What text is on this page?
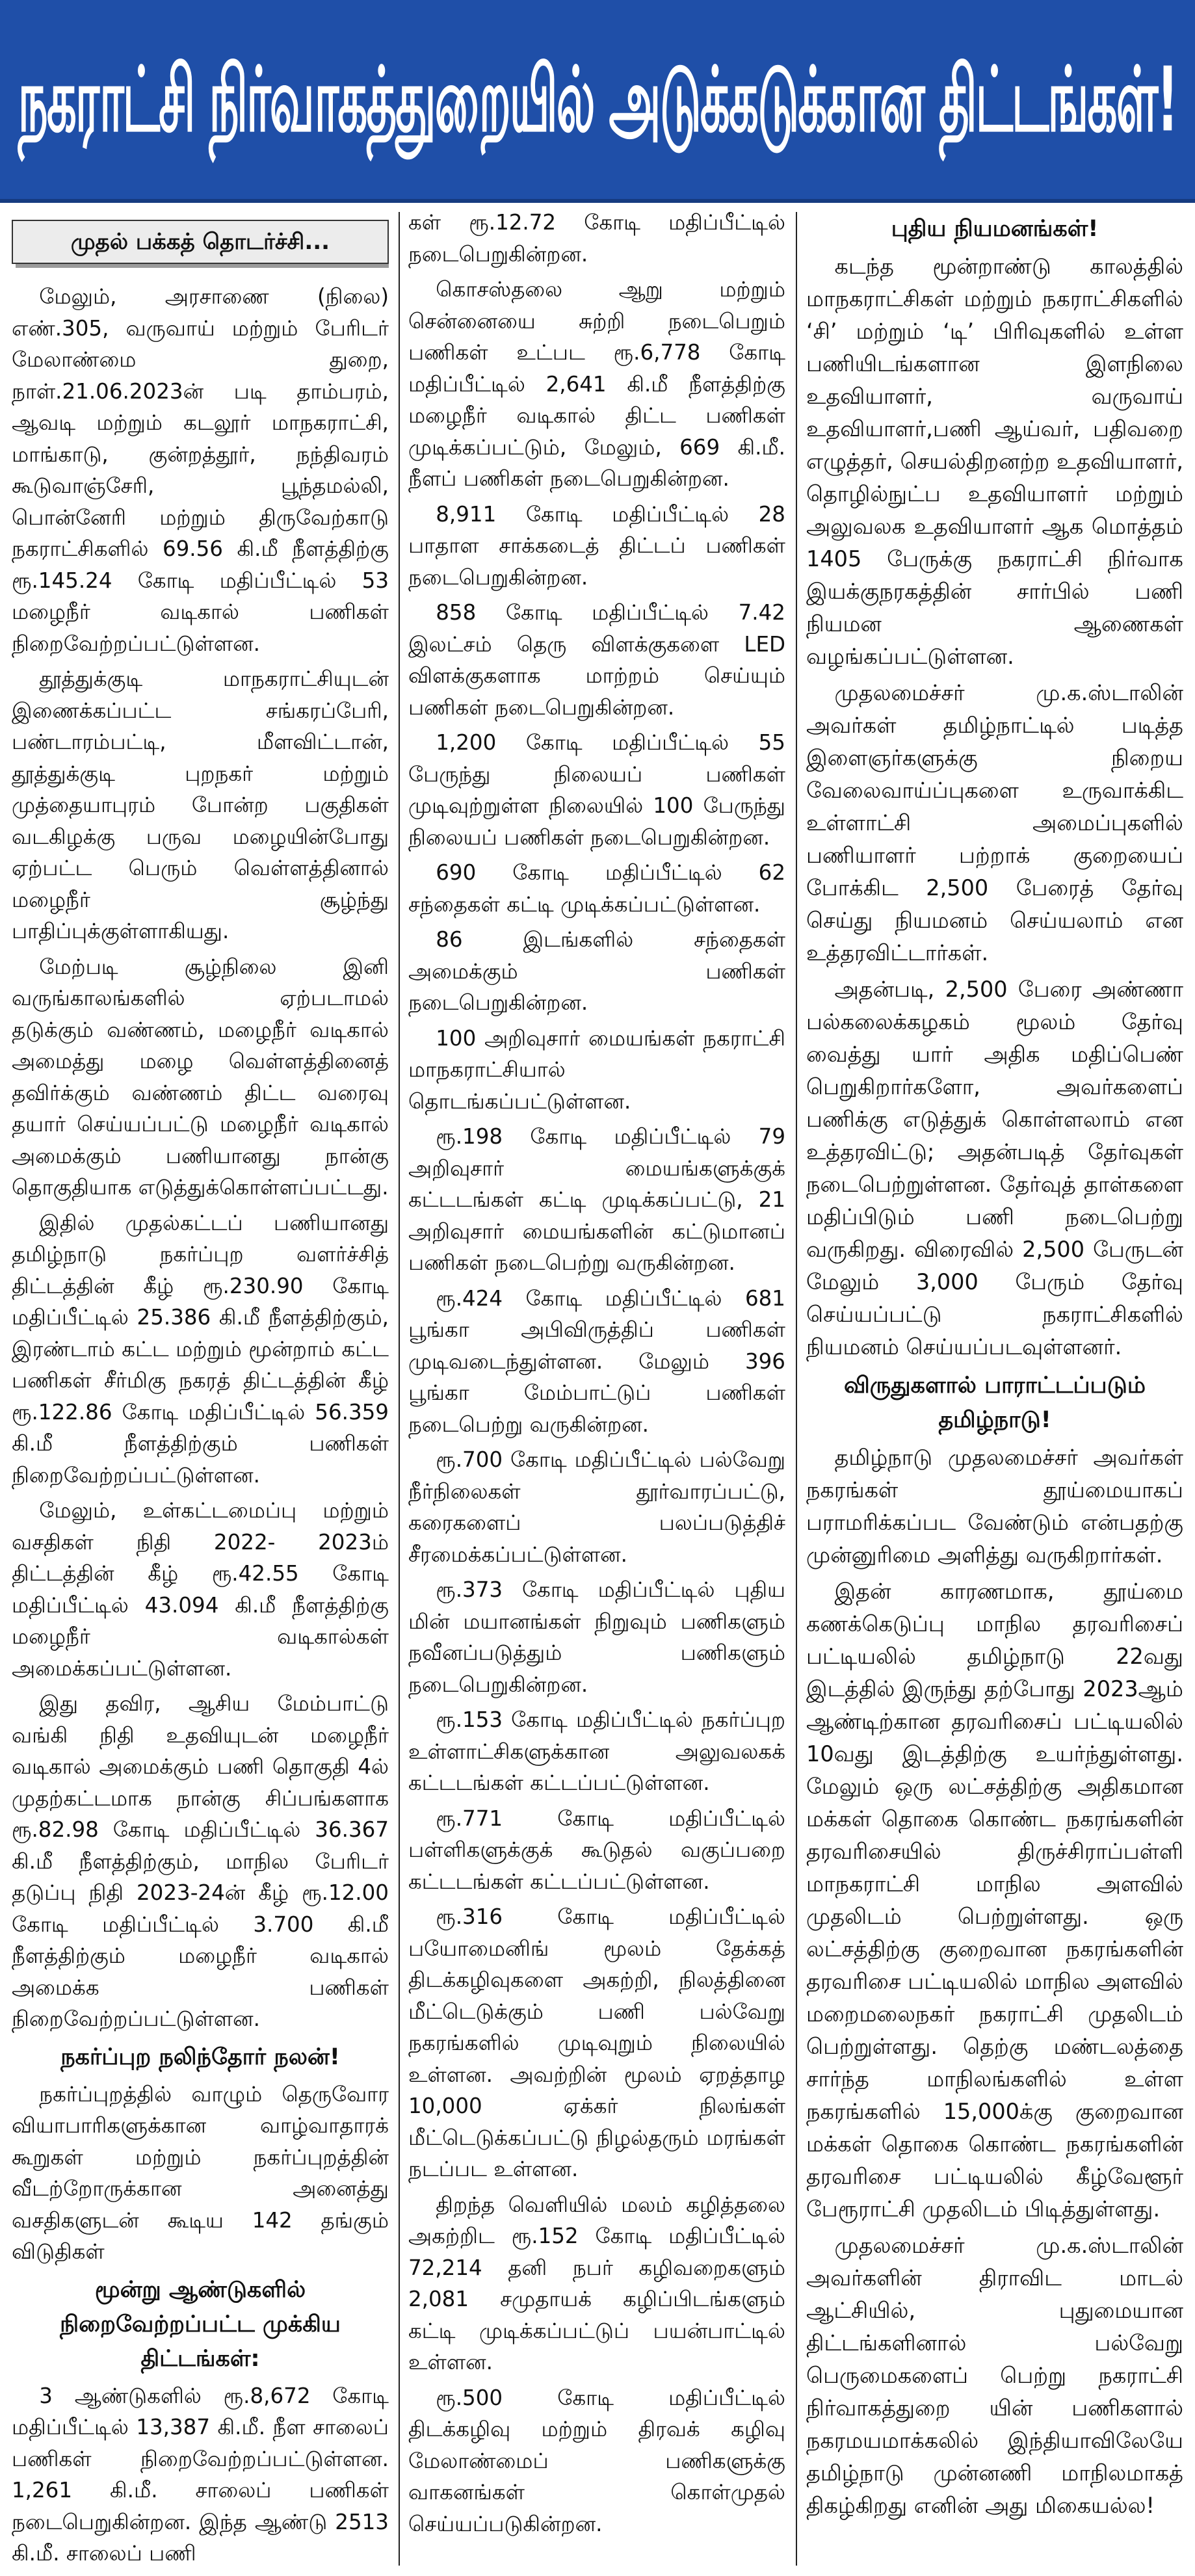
நகராட்சி நிர்வாகத்துறையில் அடுக்கடுக்கான திட்டங்கள்!
முதல் பக்கத் தொடர்ச்சி...

மேலும், அரசாணை (நிலை) எண்.305, வருவாய் மற்றும் பேரிடர் மேலாண்மை துறை, நாள்.21.06.2023ன் படி தாம்பரம், ஆவடி மற்றும் கடலூர் மாநகராட்சி, மாங்காடு, குன்றத்தூர், நந்திவரம் கூடுவாஞ்சேரி, பூந்தமல்லி, பொன்னேரி மற்றும் திருவேற்காடு நகராட்சிகளில் 69.56 கி.மீ நீளத்திற்கு ரூ.145.24 கோடி மதிப்பீட்டில் 53 மழைநீர் வடிகால் பணிகள் நிறைவேற்றப்பட்டுள்ளன.

தூத்துக்குடி மாநகராட்சியுடன் இணைக்கப்பட்ட சங்கரப்பேரி, பண்டாரம்பட்டி, மீளவிட்டான், தூத்துக்குடி புறநகர் மற்றும் முத்தையாபுரம் போன்ற பகுதிகள் வடகிழக்கு பருவ மழையின்போது ஏற்பட்ட பெரும் வெள்ளத்தினால் மழைநீர் சூழ்ந்து பாதிப்புக்குள்ளாகியது.

மேற்படி சூழ்நிலை இனி வருங்காலங்களில் ஏற்படாமல் தடுக்கும் வண்ணம், மழைநீர் வடிகால் அமைத்து மழை வெள்ளத்தினைத் தவிர்க்கும் வண்ணம் திட்ட வரைவு தயார் செய்யப்பட்டு மழைநீர் வடிகால் அமைக்கும் பணியானது நான்கு தொகுதியாக எடுத்துக்கொள்ளப்பட்டது.

இதில் முதல்கட்டப் பணியானது தமிழ்நாடு நகர்ப்புற வளர்ச்சித் திட்டத்தின் கீழ் ரூ.230.90 கோடி மதிப்பீட்டில் 25.386 கி.மீ நீளத்திற்கும், இரண்டாம் கட்ட மற்றும் மூன்றாம் கட்ட பணிகள் சீர்மிகு நகரத் திட்டத்தின் கீழ் ரூ.122.86 கோடி மதிப்பீட்டில் 56.359 கி.மீ நீளத்திற்கும் பணிகள் நிறைவேற்றப்பட்டுள்ளன.

மேலும், உள்கட்டமைப்பு மற்றும் வசதிகள் நிதி 2022- 2023ம் திட்டத்தின் கீழ் ரூ.42.55 கோடி மதிப்பீட்டில் 43.094 கி.மீ நீளத்திற்கு மழைநீர் வடிகால்கள் அமைக்கப்பட்டுள்ளன.

இது தவிர, ஆசிய மேம்பாட்டு வங்கி நிதி உதவியுடன் மழைநீர் வடிகால் அமைக்கும் பணி தொகுதி 4ல் முதற்கட்டமாக நான்கு சிப்பங்களாக ரூ.82.98 கோடி மதிப்பீட்டில் 36.367 கி.மீ நீளத்திற்கும், மாநில பேரிடர் தடுப்பு நிதி 2023-24ன் கீழ் ரூ.12.00 கோடி மதிப்பீட்டில் 3.700 கி.மீ நீளத்திற்கும் மழைநீர் வடிகால் அமைக்க பணிகள் நிறைவேற்றப்பட்டுள்ளன.

நகர்ப்புற நலிந்தோர் நலன்!

நகர்ப்புறத்தில் வாழும் தெருவோர வியாபாரிகளுக்கான வாழ்வாதாரக் கூறுகள் மற்றும் நகர்ப்புறத்தின் வீடற்றோருக்கான அனைத்து வசதிகளுடன் கூடிய 142 தங்கும் விடுதிகள்

மூன்று ஆண்டுகளில் நிறைவேற்றப்பட்ட முக்கிய திட்டங்கள்:

3 ஆண்டுகளில் ரூ.8,672 கோடி மதிப்பீட்டில் 13,387 கி.மீ. நீள சாலைப் பணிகள் நிறைவேற்றப்பட்டுள்ளன. 1,261 கி.மீ. சாலைப் பணிகள் நடைபெறுகின்றன. இந்த ஆண்டு 2513 கி.மீ. சாலைப் பணி

கள் ரூ.12.72 கோடி மதிப்பீட்டில் நடைபெறுகின்றன.

கொசஸ்தலை ஆறு மற்றும் சென்னையை சுற்றி நடைபெறும் பணிகள் உட்பட ரூ.6,778 கோடி மதிப்பீட்டில் 2,641 கி.மீ நீளத்திற்கு மழைநீர் வடிகால் திட்ட பணிகள் முடிக்கப்பட்டும், மேலும், 669 கி.மீ. நீளப் பணிகள் நடைபெறுகின்றன.

8,911 கோடி மதிப்பீட்டில் 28 பாதாள சாக்கடைத் திட்டப் பணிகள் நடைபெறுகின்றன.

858 கோடி மதிப்பீட்டில் 7.42 இலட்சம் தெரு விளக்குகளை LED விளக்குகளாக மாற்றம் செய்யும் பணிகள் நடைபெறுகின்றன.

1,200 கோடி மதிப்பீட்டில் 55 பேருந்து நிலையப் பணிகள் முடிவுற்றுள்ள நிலையில் 100 பேருந்து நிலையப் பணிகள் நடைபெறுகின்றன.

690 கோடி மதிப்பீட்டில் 62 சந்தைகள் கட்டி முடிக்கப்பட்டுள்ளன.

86 இடங்களில் சந்தைகள் அமைக்கும் பணிகள் நடைபெறுகின்றன.

100 அறிவுசார் மையங்கள் நகராட்சி மாநகராட்சியால் தொடங்கப்பட்டுள்ளன.

ரூ.198 கோடி மதிப்பீட்டில் 79 அறிவுசார் மையங்களுக்குக் கட்டடங்கள் கட்டி முடிக்கப்பட்டு, 21 அறிவுசார் மையங்களின் கட்டுமானப் பணிகள் நடைபெற்று வருகின்றன.

ரூ.424 கோடி மதிப்பீட்டில் 681 பூங்கா அபிவிருத்திப் பணிகள் முடிவடைந்துள்ளன. மேலும் 396 பூங்கா மேம்பாட்டுப் பணிகள் நடைபெற்று வருகின்றன.

ரூ.700 கோடி மதிப்பீட்டில் பல்வேறு நீர்நிலைகள் தூர்வாரப்பட்டு, கரைகளைப் பலப்படுத்திச் சீரமைக்கப்பட்டுள்ளன.

ரூ.373 கோடி மதிப்பீட்டில் புதிய மின் மயானங்கள் நிறுவும் பணிகளும் நவீனப்படுத்தும் பணிகளும் நடைபெறுகின்றன.

ரூ.153 கோடி மதிப்பீட்டில் நகர்ப்புற உள்ளாட்சிகளுக்கான அலுவலகக் கட்டடங்கள் கட்டப்பட்டுள்ளன.

ரூ.771 கோடி மதிப்பீட்டில் பள்ளிகளுக்குக் கூடுதல் வகுப்பறை கட்டடங்கள் கட்டப்பட்டுள்ளன.

ரூ.316 கோடி மதிப்பீட்டில் பயோமைனிங் மூலம் தேக்கத் திடக்கழிவுகளை அகற்றி, நிலத்தினை மீட்டெடுக்கும் பணி பல்வேறு நகரங்களில் முடிவுறும் நிலையில் உள்ளன. அவற்றின் மூலம் ஏறத்தாழ 10,000 ஏக்கர் நிலங்கள் மீட்டெடுக்கப்பட்டு நிழல்தரும் மரங்கள் நடப்பட உள்ளன.

திறந்த வெளியில் மலம் கழித்தலை அகற்றிட ரூ.152 கோடி மதிப்பீட்டில் 72,214 தனி நபர் கழிவறைகளும் 2,081 சமுதாயக் கழிப்பிடங்களும் கட்டி முடிக்கப்பட்டுப் பயன்பாட்டில் உள்ளன.

ரூ.500 கோடி மதிப்பீட்டில் திடக்கழிவு மற்றும் திரவக் கழிவு மேலாண்மைப் பணிகளுக்கு வாகனங்கள் கொள்முதல் செய்யப்படுகின்றன.

புதிய நியமனங்கள்!

கடந்த மூன்றாண்டு காலத்தில் மாநகராட்சிகள் மற்றும் நகராட்சிகளில் ‘சி’ மற்றும் ‘டி’ பிரிவுகளில் உள்ள பணியிடங்களான இளநிலை உதவியாளர், வருவாய் உதவியாளர்,பணி ஆய்வர், பதிவறை எழுத்தர், செயல்திறனற்ற உதவியாளர், தொழில்நுட்ப உதவியாளர் மற்றும் அலுவலக உதவியாளர் ஆக மொத்தம் 1405 பேருக்கு நகராட்சி நிர்வாக இயக்குநரகத்தின் சார்பில் பணி நியமன ஆணைகள் வழங்கப்பட்டுள்ளன.

முதலமைச்சர் மு.க.ஸ்டாலின் அவர்கள் தமிழ்நாட்டில் படித்த இளைஞர்களுக்கு நிறைய வேலைவாய்ப்புகளை உருவாக்கிட உள்ளாட்சி அமைப்புகளில் பணியாளர் பற்றாக் குறையைப் போக்கிட 2,500 பேரைத் தேர்வு செய்து நியமனம் செய்யலாம் என உத்தரவிட்டார்கள்.

அதன்படி, 2,500 பேரை அண்ணா பல்கலைக்கழகம் மூலம் தேர்வு வைத்து யார் அதிக மதிப்பெண் பெறுகிறார்களோ, அவர்களைப் பணிக்கு எடுத்துக் கொள்ளலாம் என உத்தரவிட்டு; அதன்படித் தேர்வுகள் நடைபெற்றுள்ளன. தேர்வுத் தாள்களை மதிப்பிடும் பணி நடைபெற்று வருகிறது. விரைவில் 2,500 பேருடன் மேலும் 3,000 பேரும் தேர்வு செய்யப்பட்டு நகராட்சிகளில் நியமனம் செய்யப்படவுள்ளனர்.

விருதுகளால் பாராட்டப்படும் தமிழ்நாடு!

தமிழ்நாடு முதலமைச்சர் அவர்கள் நகரங்கள் தூய்மையாகப் பராமரிக்கப்பட வேண்டும் என்பதற்கு முன்னுரிமை அளித்து வருகிறார்கள்.

இதன் காரணமாக, தூய்மை கணக்கெடுப்பு மாநில தரவரிசைப் பட்டியலில் தமிழ்நாடு 22வது இடத்தில் இருந்து தற்போது 2023ஆம் ஆண்டிற்கான தரவரிசைப் பட்டியலில் 10வது இடத்திற்கு உயர்ந்துள்ளது. மேலும் ஒரு லட்சத்திற்கு அதிகமான மக்கள் தொகை கொண்ட நகரங்களின் தரவரிசையில் திருச்சிராப்பள்ளி மாநகராட்சி மாநில அளவில் முதலிடம் பெற்றுள்ளது. ஒரு லட்சத்திற்கு குறைவான நகரங்களின் தரவரிசை பட்டியலில் மாநில அளவில் மறைமலைநகர் நகராட்சி முதலிடம் பெற்றுள்ளது. தெற்கு மண்டலத்தை சார்ந்த மாநிலங்களில் உள்ள நகரங்களில் 15,000க்கு குறைவான மக்கள் தொகை கொண்ட நகரங்களின் தரவரிசை பட்டியலில் கீழ்வேளூர் பேரூராட்சி முதலிடம் பிடித்துள்ளது.

முதலமைச்சர் மு.க.ஸ்டாலின் அவர்களின் திராவிட மாடல் ஆட்சியில், புதுமையான திட்டங்களினால் பல்வேறு பெருமைகளைப் பெற்று நகராட்சி நிர்வாகத்துறை யின் பணிகளால் நகரமயமாக்கலில் இந்தியாவிலேயே தமிழ்நாடு முன்னணி மாநிலமாகத் திகழ்கிறது எனின் அது மிகையல்ல!
